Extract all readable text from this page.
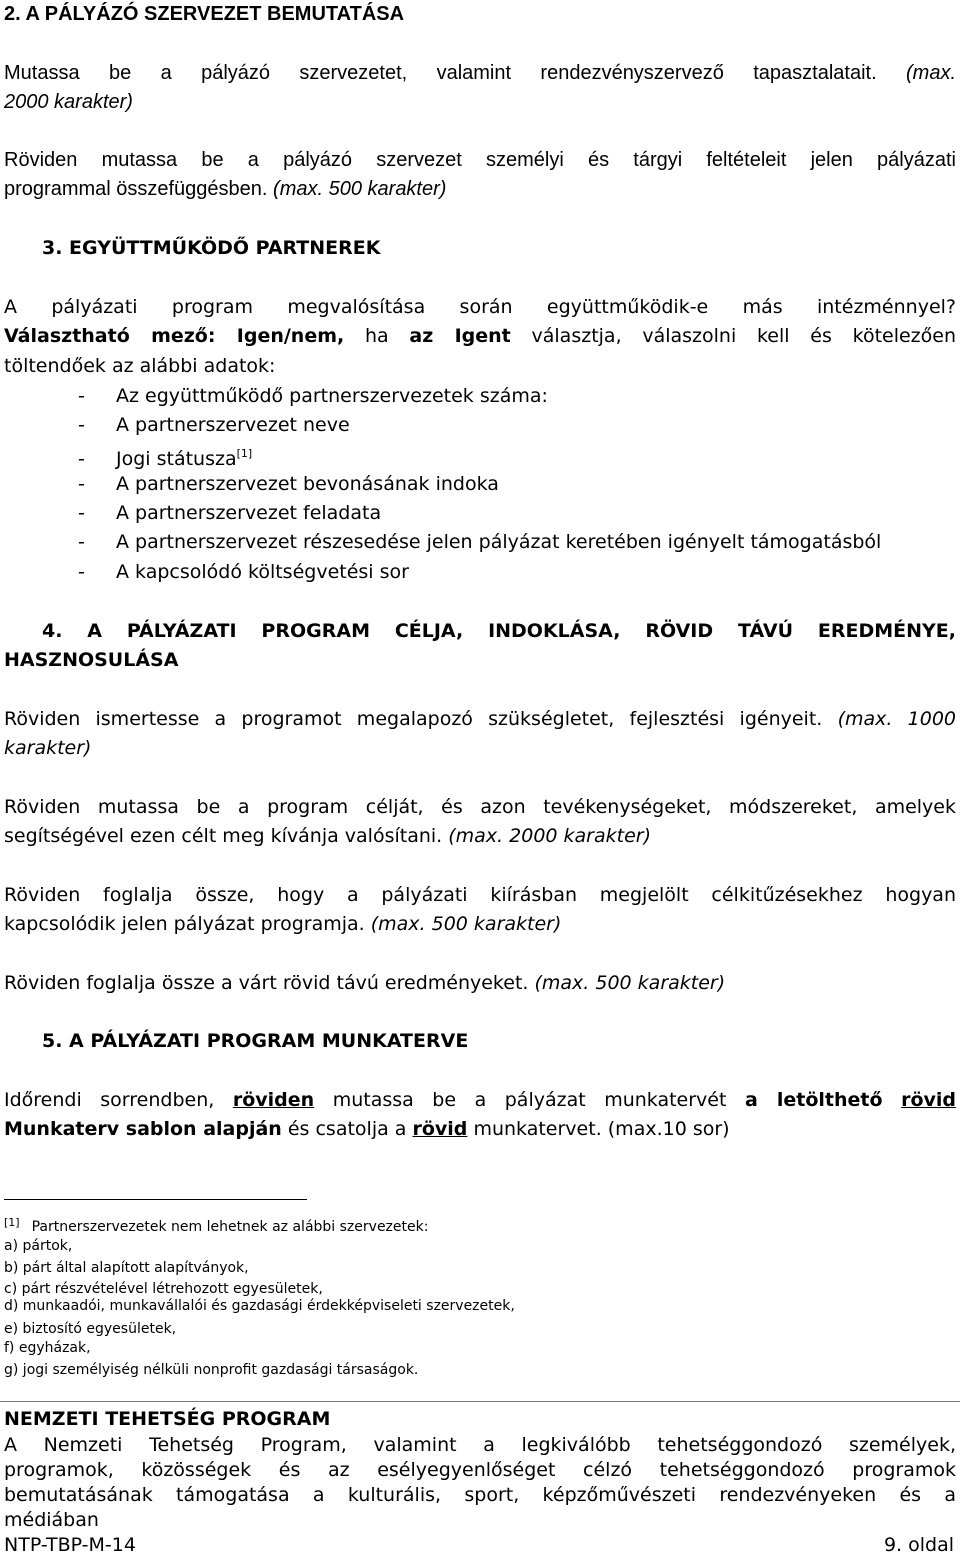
2. A PÁLYÁZÓ SZERVEZET BEMUTATÁSA
Mutassa be a pályázó szervezetet, valamint rendezvényszervező tapasztalatait. (max.
2000 karakter)
Röviden mutassa be a pályázó szervezet személyi és tárgyi feltételeit jelen pályázati
programmal összefüggésben. (max. 500 karakter)
3. EGYÜTTMŰKÖDŐ PARTNEREK
A pályázati program megvalósítása során együttműködik-e más intézménnyel?
Választható mező: Igen/nem, ha az Igent választja, válaszolni kell és kötelezően
töltendőek az alábbi adatok:
- Az együttműködő partnerszervezetek száma:
- A partnerszervezet neve
- Jogi státusza[1]
- A partnerszervezet bevonásának indoka
- A partnerszervezet feladata
- A partnerszervezet részesedése jelen pályázat keretében igényelt támogatásból
- A kapcsolódó költségvetési sor
4. A PÁLYÁZATI PROGRAM CÉLJA, INDOKLÁSA, RÖVID TÁVÚ EREDMÉNYE,
HASZNOSULÁSA
Röviden ismertesse a programot megalapozó szükségletet, fejlesztési igényeit. (max. 1000
karakter)
Röviden mutassa be a program célját, és azon tevékenységeket, módszereket, amelyek
segítségével ezen célt meg kívánja valósítani. (max. 2000 karakter)
Röviden foglalja össze, hogy a pályázati kiírásban megjelölt célkitűzésekhez hogyan
kapcsolódik jelen pályázat programja. (max. 500 karakter)
Röviden foglalja össze a várt rövid távú eredményeket. (max. 500 karakter)
5. A PÁLYÁZATI PROGRAM MUNKATERVE
Időrendi sorrendben, röviden mutassa be a pályázat munkatervét a letölthető rövid
Munkaterv sablon alapján és csatolja a rövid munkatervet. (max.10 sor)
[1] Partnerszervezetek nem lehetnek az alábbi szervezetek:
a) pártok,
b) párt által alapított alapítványok,
c) párt részvételével létrehozott egyesületek,
d) munkaadói, munkavállalói és gazdasági érdekképviseleti szervezetek,
e) biztosító egyesületek,
f) egyházak,
g) jogi személyiség nélküli nonprofit gazdasági társaságok.
NEMZETI TEHETSÉG PROGRAM
A Nemzeti Tehetség Program, valamint a legkiválóbb tehetséggondozó személyek,
programok, közösségek és az esélyegyenlőséget célzó tehetséggondozó programok
bemutatásának támogatása a kulturális, sport, képzőművészeti rendezvényeken és a
médiában
NTP-TBP-M-14	9. oldal
